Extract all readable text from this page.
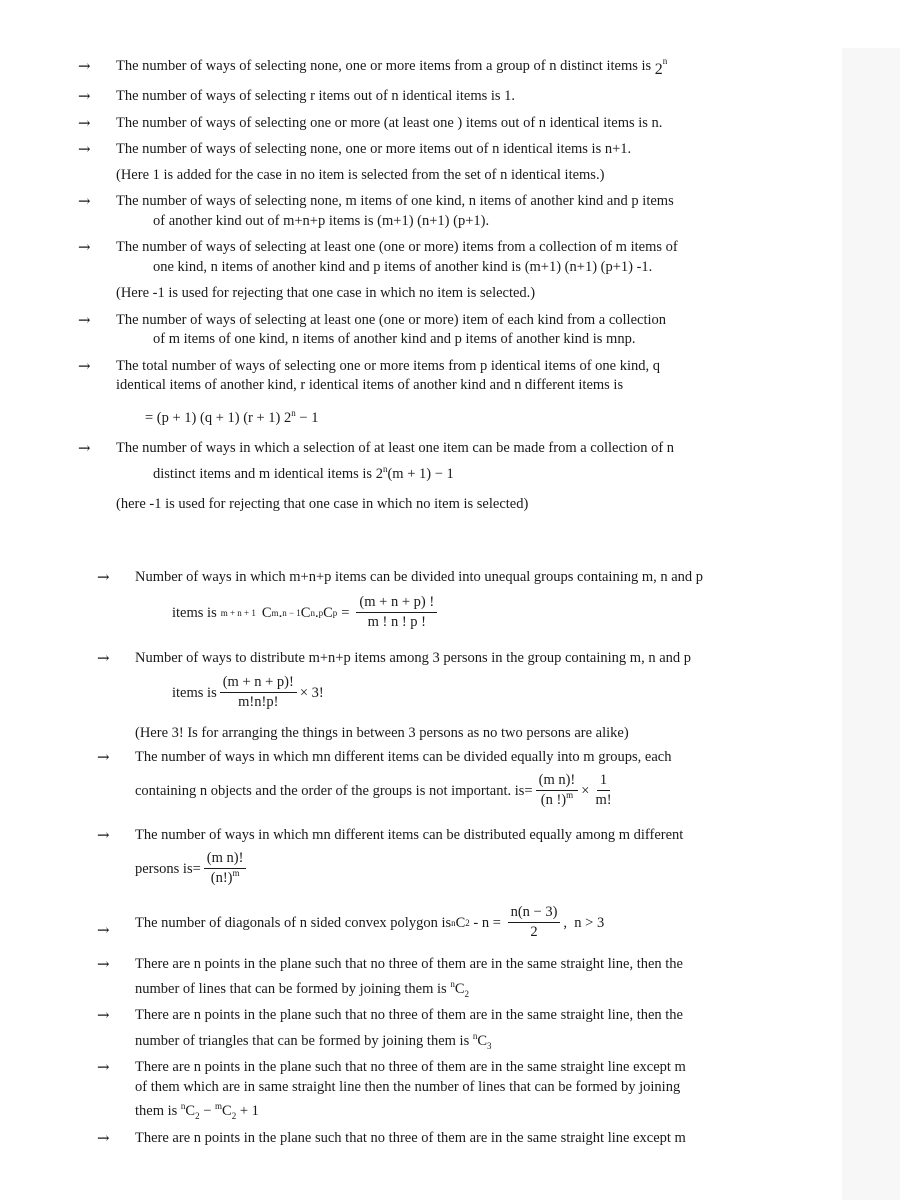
→ The number of ways of selecting none, one or more items from a group of n distinct items is $2^n$
→ The number of ways of selecting r items out of n identical items is 1.
→ The number of ways of selecting one or more (at least one ) items out of n identical items is n.
→ The number of ways of selecting none, one or more items out of n identical items is n+1.
(Here 1 is added for the case in no item is selected from the set of n identical items.)
→ The number of ways of selecting none, m items of one kind, n items of another kind and p items
of another kind out of m+n+p items is (m+1) (n+1) (p+1).
→ The number of ways of selecting at least one (one or more) items from a collection of m items of
one kind, n items of another kind and p items of another kind is (m+1) (n+1) (p+1) -1.
(Here -1 is used for rejecting that one case in which no item is selected.)
→ The number of ways of selecting at least one (one or more) item of each kind from a collection
of m items of one kind, n items of another kind and p items of another kind is mnp.
→ The total number of ways of selecting one or more items from p identical items of one kind, q
identical items of another kind, r identical items of another kind and n different items is
= (p + 1) (q + 1) (r + 1) $2^n - 1$
→ The number of ways in which a selection of at least one item can be made from a collection of n
distinct items and m identical items is $2^n(m + 1) - 1$
(here -1 is used for rejecting that one case in which no item is selected)
→ Number of ways in which m+n+p items can be divided into unequal groups containing m, n and p
items is m + n + 1 C m . n − 1 C n . p C $p = \frac{(m + n + p) !}{m ! n ! p !}$
→ Number of ways to distribute m+n+p items among 3 persons in the group containing m, n and p
items is $\frac{(m + n + p)!}{m!n!p!} \times 3$!
(Here 3! Is for arranging the things in between 3 persons as no two persons are alike)
→ The number of ways in which mn different items can be divided equally into m groups, each
containing n objects and the order of the groups is not important. is = $\frac{\text{(m n)!}}{(n !)^m} \times \frac{1}{m!}$
→ The number of ways in which mn different items can be distributed equally among m different
persons is = $\frac{\text{(m n)!}}{(n!)^m}$
→ The number of diagonals of n sided convex polygon is n C $2 - n = \frac{n(n - 3)}{2}$ ,  n > 3
→ There are n points in the plane such that no three of them are in the same straight line, then the
number of lines that can be formed by joining them is $^nC_2$
→ There are n points in the plane such that no three of them are in the same straight line, then the
number of triangles that can be formed by joining them is $^nC_3$
→ There are n points in the plane such that no three of them are in the same straight line except m
of them which are in same straight line then the number of lines that can be formed by joining
them is $^nC_2 - ^mC_2 + 1$
→ There are n points in the plane such that no three of them are in the same straight line except m
